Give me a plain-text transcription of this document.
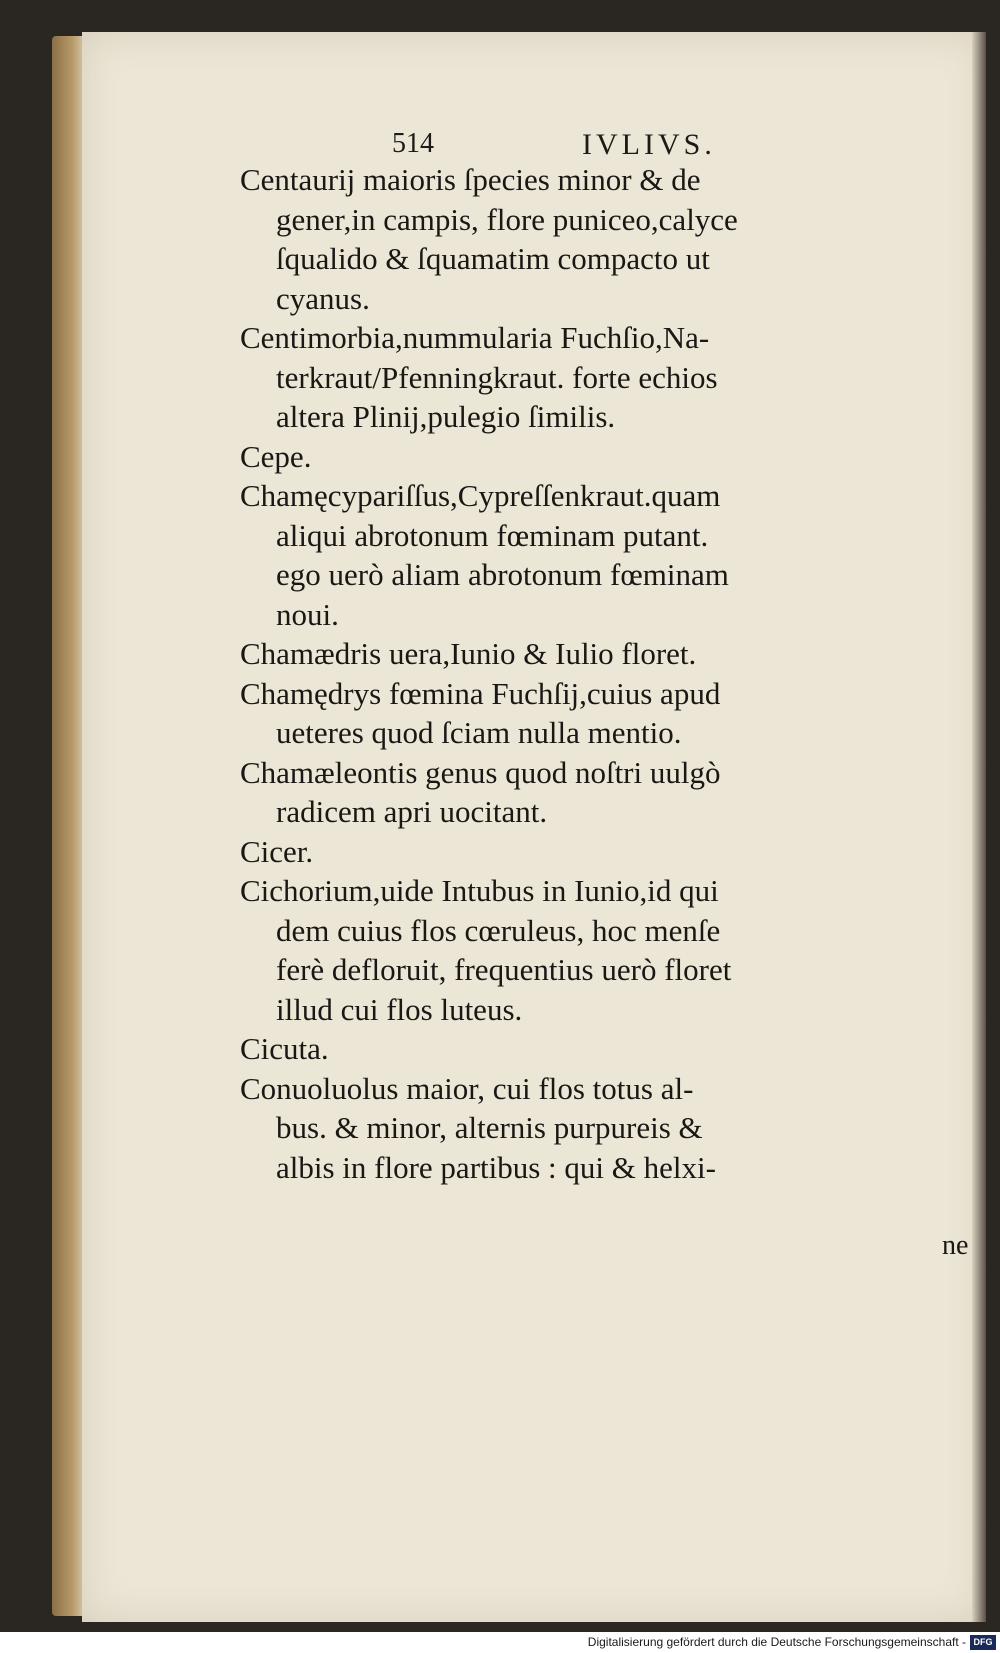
514	IVLIVS.
ne

Centaurĳ maioris ſpecies minor & de
gener,in campis, flore puniceo,calyce
ſqualido & ſquamatim compacto ut
cyanus.

Centimorbia,nummularia Fuchſio,Na-
terkraut/Pfenningkraut. forte echios
altera Plinĳ,pulegio ſimilis.

Cepe.

Chamęcypariſſus,Cypreſſenkraut.quam
aliqui abrotonum fœminam putant.
ego uerò aliam abrotonum fœminam
noui.

Chamædris uera,Iunio & Iulio floret.

Chamędrys fœmina Fuchſĳ,cuius apud
ueteres quod ſciam nulla mentio.

Chamæleontis genus quod noſtri uulgò
radicem apri uocitant.

Cicer.

Cichorium,uide Intubus in Iunio,id qui
dem cuius flos cœruleus, hoc menſe
ferè defloruit, frequentius uerò floret
illud cui flos luteus.

Cicuta.

Conuoluolus maior, cui flos totus al-
bus. & minor, alternis purpureis &
albis in flore partibus : qui & helxi-

Digitalisierung gefördert durch die Deutsche Forschungsgemeinschaft - DFG
